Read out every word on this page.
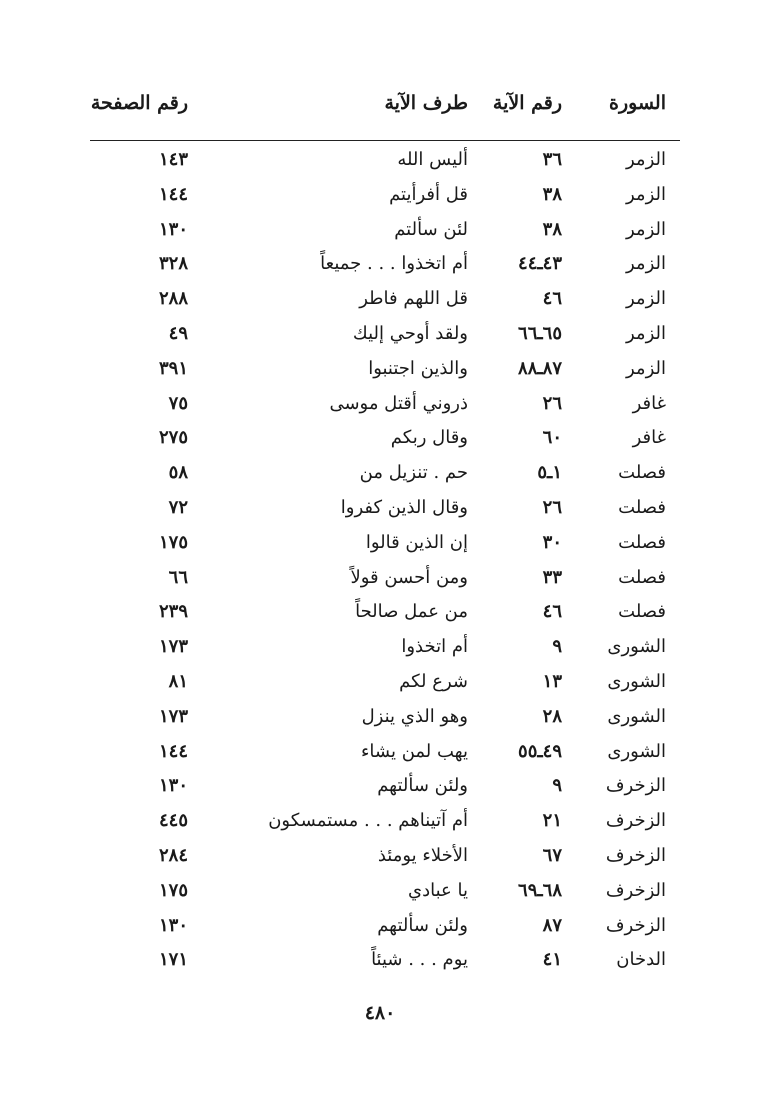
السورة
رقم الآية
طرف الآية
رقم الصفحة
الزمر
٣٦
أليس الله
١٤٣
الزمر
٣٨
قل أفرأيتم
١٤٤
الزمر
٣٨
لئن سألتم
١٣٠
الزمر
٤٣ـ٤٤
أم اتخذوا . . . جميعاً
٣٢٨
الزمر
٤٦
قل اللهم فاطر
٢٨٨
الزمر
٦٥ـ٦٦
ولقد أوحي إليك
٤٩
الزمر
٨٧ـ٨٨
والذين اجتنبوا
٣٩١
غافر
٢٦
ذروني أقتل موسى
٧٥
غافر
٦٠
وقال ربكم
٢٧٥
فصلت
١ـ٥
حم . تنزيل من
٥٨
فصلت
٢٦
وقال الذين كفروا
٧٢
فصلت
٣٠
إن الذين قالوا
١٧٥
فصلت
٣٣
ومن أحسن قولاً
٦٦
فصلت
٤٦
من عمل صالحاً
٢٣٩
الشورى
٩
أم اتخذوا
١٧٣
الشورى
١٣
شرع لكم
٨١
الشورى
٢٨
وهو الذي ينزل
١٧٣
الشورى
٤٩ـ٥٥
يهب لمن يشاء
١٤٤
الزخرف
٩
ولئن سألتهم
١٣٠
الزخرف
٢١
أم آتيناهم . . . مستمسكون
٤٤٥
الزخرف
٦٧
الأخلاء يومئذ
٢٨٤
الزخرف
٦٨ـ٦٩
يا عبادي
١٧٥
الزخرف
٨٧
ولئن سألتهم
١٣٠
الدخان
٤١
يوم . . . شيئاً
١٧١
٤٨٠
